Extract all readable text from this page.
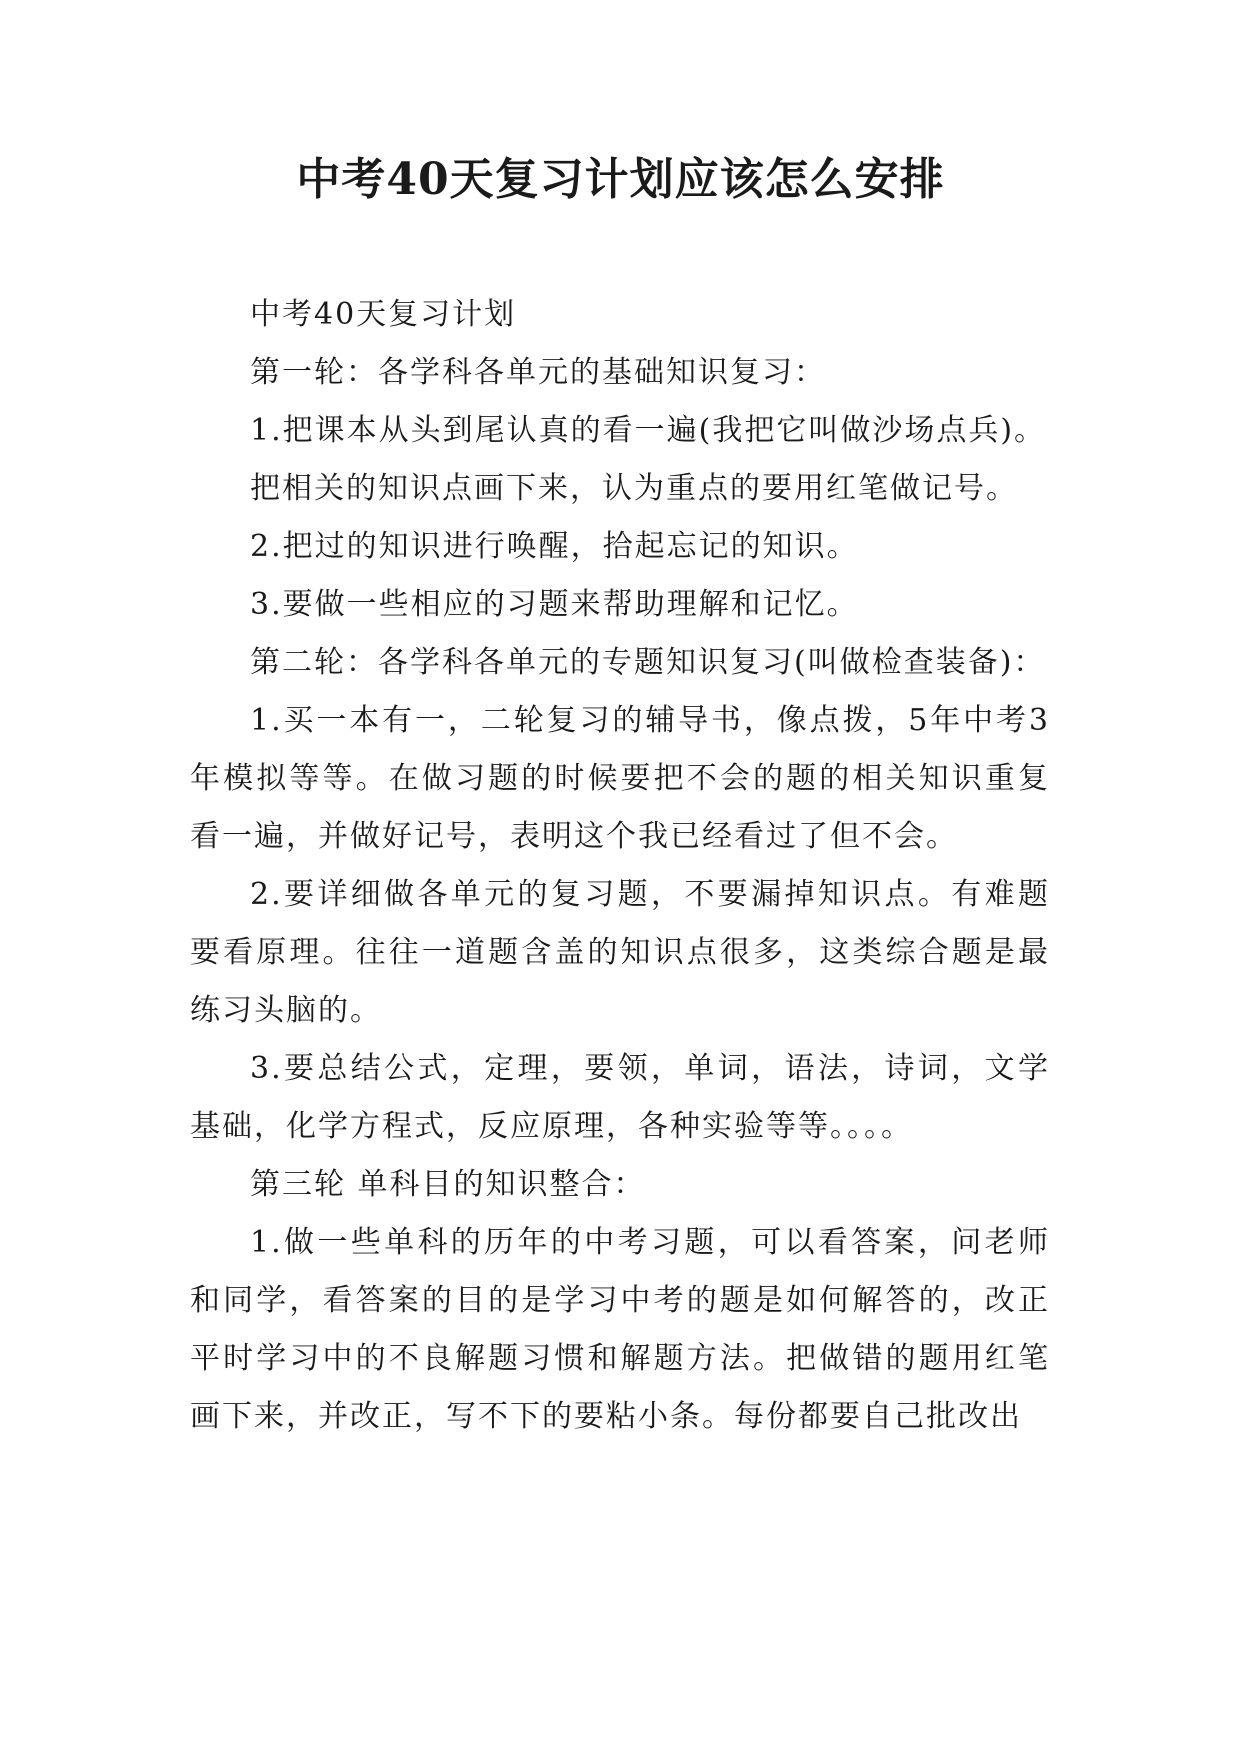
中考40天复习计划应该怎么安排

中考40天复习计划

第一轮：各学科各单元的基础知识复习：

1.把课本从头到尾认真的看一遍(我把它叫做沙场点兵)。

把相关的知识点画下来，认为重点的要用红笔做记号。

2.把过的知识进行唤醒，拾起忘记的知识。

3.要做一些相应的习题来帮助理解和记忆。

第二轮：各学科各单元的专题知识复习(叫做检查装备)：

1.买一本有一，二轮复习的辅导书，像点拨，5年中考3年模拟等等。在做习题的时候要把不会的题的相关知识重复看一遍，并做好记号，表明这个我已经看过了但不会。

2.要详细做各单元的复习题，不要漏掉知识点。有难题要看原理。往往一道题含盖的知识点很多，这类综合题是最练习头脑的。

3.要总结公式，定理，要领，单词，语法，诗词，文学基础，化学方程式，反应原理，各种实验等等。。。。

第三轮 单科目的知识整合：

1.做一些单科的历年的中考习题，可以看答案，问老师和同学，看答案的目的是学习中考的题是如何解答的，改正平时学习中的不良解题习惯和解题方法。把做错的题用红笔画下来，并改正，写不下的要粘小条。每份都要自己批改出
